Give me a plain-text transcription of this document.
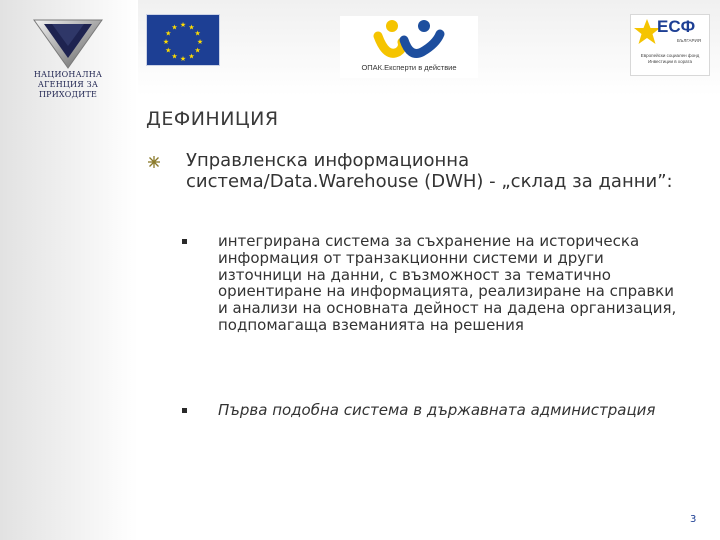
НАЦИОНАЛНА
АГЕНЦИЯ ЗА
ПРИХОДИТЕ
★ ★
★
★
★
★
★
★
★
★
★
★
ОПАК.Експерти в действие
ЕСФ
БЪЛГАРИЯ
Европейски социален фонд
Инвестиции в хората
ДЕФИНИЦИЯ
Управленска информационна система/Data.Warehouse (DWH) - „склад за данни”:
интегрирана система за съхранение на историческа информация от транзакционни системи и други източници на данни, с възможност за тематично ориентиране на информацията, реализиране на справки и анализи на основната дейност на дадена организация, подпомагаща вземанията на решения
Първа подобна система в държавната администрация
3
